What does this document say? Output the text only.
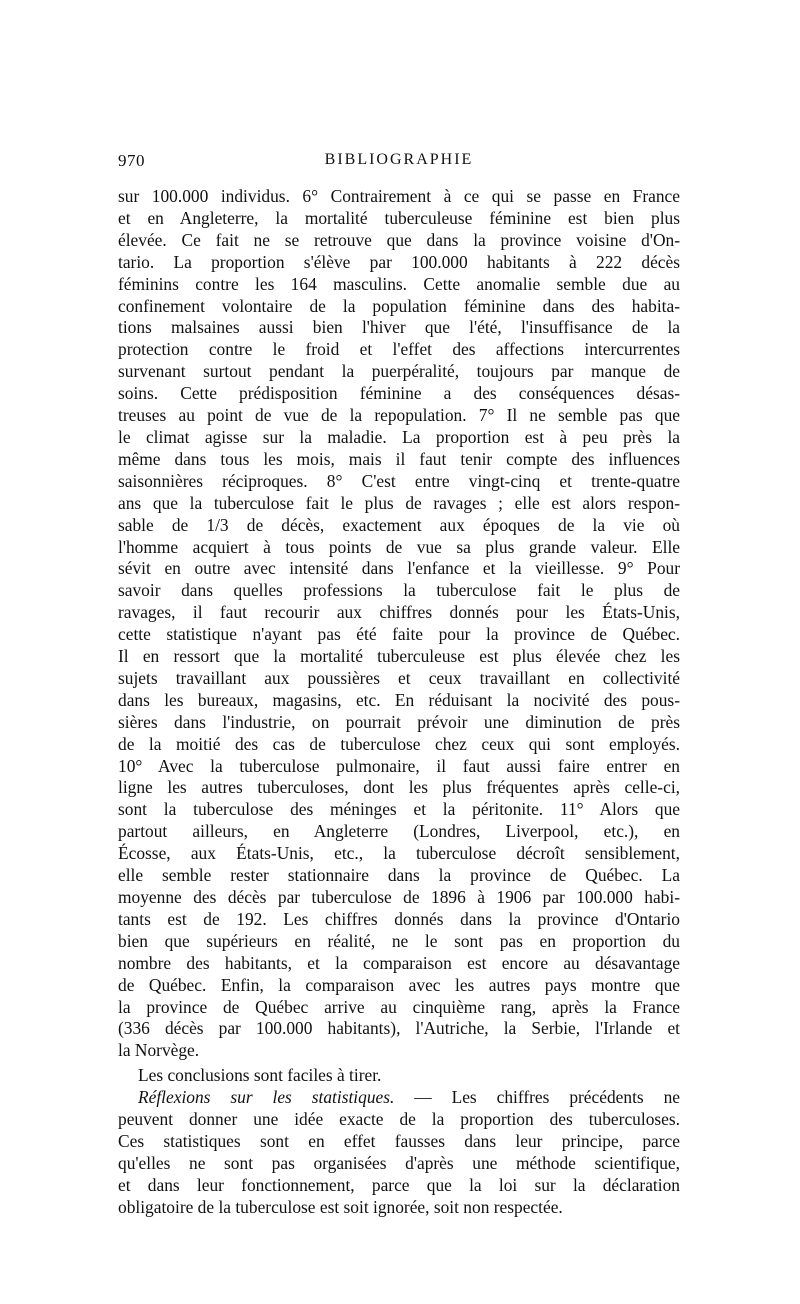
970	BIBLIOGRAPHIE
sur 100.000 individus. 6° Contrairement à ce qui se passe en France
et en Angleterre, la mortalité tuberculeuse féminine est bien plus
élevée. Ce fait ne se retrouve que dans la province voisine d'On-
tario. La proportion s'élève par 100.000 habitants à 222 décès
féminins contre les 164 masculins. Cette anomalie semble due au
confinement volontaire de la population féminine dans des habita-
tions malsaines aussi bien l'hiver que l'été, l'insuffisance de la
protection contre le froid et l'effet des affections intercurrentes
survenant surtout pendant la puerpéralité, toujours par manque de
soins. Cette prédisposition féminine a des conséquences désas-
treuses au point de vue de la repopulation. 7° Il ne semble pas que
le climat agisse sur la maladie. La proportion est à peu près la
même dans tous les mois, mais il faut tenir compte des influences
saisonnières réciproques. 8° C'est entre vingt-cinq et trente-quatre
ans que la tuberculose fait le plus de ravages ; elle est alors respon-
sable de 1/3 de décès, exactement aux époques de la vie où
l'homme acquiert à tous points de vue sa plus grande valeur. Elle
sévit en outre avec intensité dans l'enfance et la vieillesse. 9° Pour
savoir dans quelles professions la tuberculose fait le plus de
ravages, il faut recourir aux chiffres donnés pour les États-Unis,
cette statistique n'ayant pas été faite pour la province de Québec.
Il en ressort que la mortalité tuberculeuse est plus élevée chez les
sujets travaillant aux poussières et ceux travaillant en collectivité
dans les bureaux, magasins, etc. En réduisant la nocivité des pous-
sières dans l'industrie, on pourrait prévoir une diminution de près
de la moitié des cas de tuberculose chez ceux qui sont employés.
10° Avec la tuberculose pulmonaire, il faut aussi faire entrer en
ligne les autres tuberculoses, dont les plus fréquentes après celle-ci,
sont la tuberculose des méninges et la péritonite. 11° Alors que
partout ailleurs, en Angleterre (Londres, Liverpool, etc.), en
Écosse, aux États-Unis, etc., la tuberculose décroît sensiblement,
elle semble rester stationnaire dans la province de Québec. La
moyenne des décès par tuberculose de 1896 à 1906 par 100.000 habi-
tants est de 192. Les chiffres donnés dans la province d'Ontario
bien que supérieurs en réalité, ne le sont pas en proportion du
nombre des habitants, et la comparaison est encore au désavantage
de Québec. Enfin, la comparaison avec les autres pays montre que
la province de Québec arrive au cinquième rang, après la France
(336 décès par 100.000 habitants), l'Autriche, la Serbie, l'Irlande et
la Norvège.
Les conclusions sont faciles à tirer.
Réflexions sur les statistiques. — Les chiffres précédents ne
peuvent donner une idée exacte de la proportion des tuberculoses.
Ces statistiques sont en effet fausses dans leur principe, parce
qu'elles ne sont pas organisées d'après une méthode scientifique,
et dans leur fonctionnement, parce que la loi sur la déclaration
obligatoire de la tuberculose est soit ignorée, soit non respectée.
